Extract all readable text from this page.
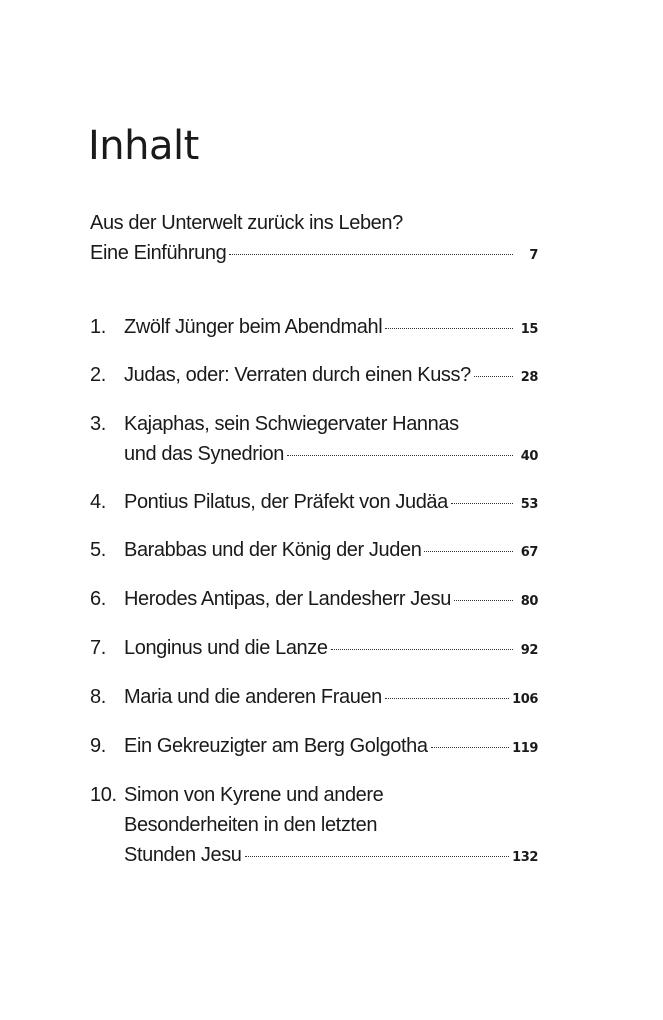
Inhalt
Aus der Unterwelt zurück ins Leben?
Eine Einführung	7
1. Zwölf Jünger beim Abendmahl	15
2. Judas, oder: Verraten durch einen Kuss?	28
3. Kajaphas, sein Schwiegervater Hannas
und das Synedrion	40
4. Pontius Pilatus, der Präfekt von Judäa	53
5. Barabbas und der König der Juden	67
6. Herodes Antipas, der Landesherr Jesu	80
7. Longinus und die Lanze	92
8. Maria und die anderen Frauen	106
9. Ein Gekreuzigter am Berg Golgotha	119
10. Simon von Kyrene und andere
Besonderheiten in den letzten
Stunden Jesu	132
